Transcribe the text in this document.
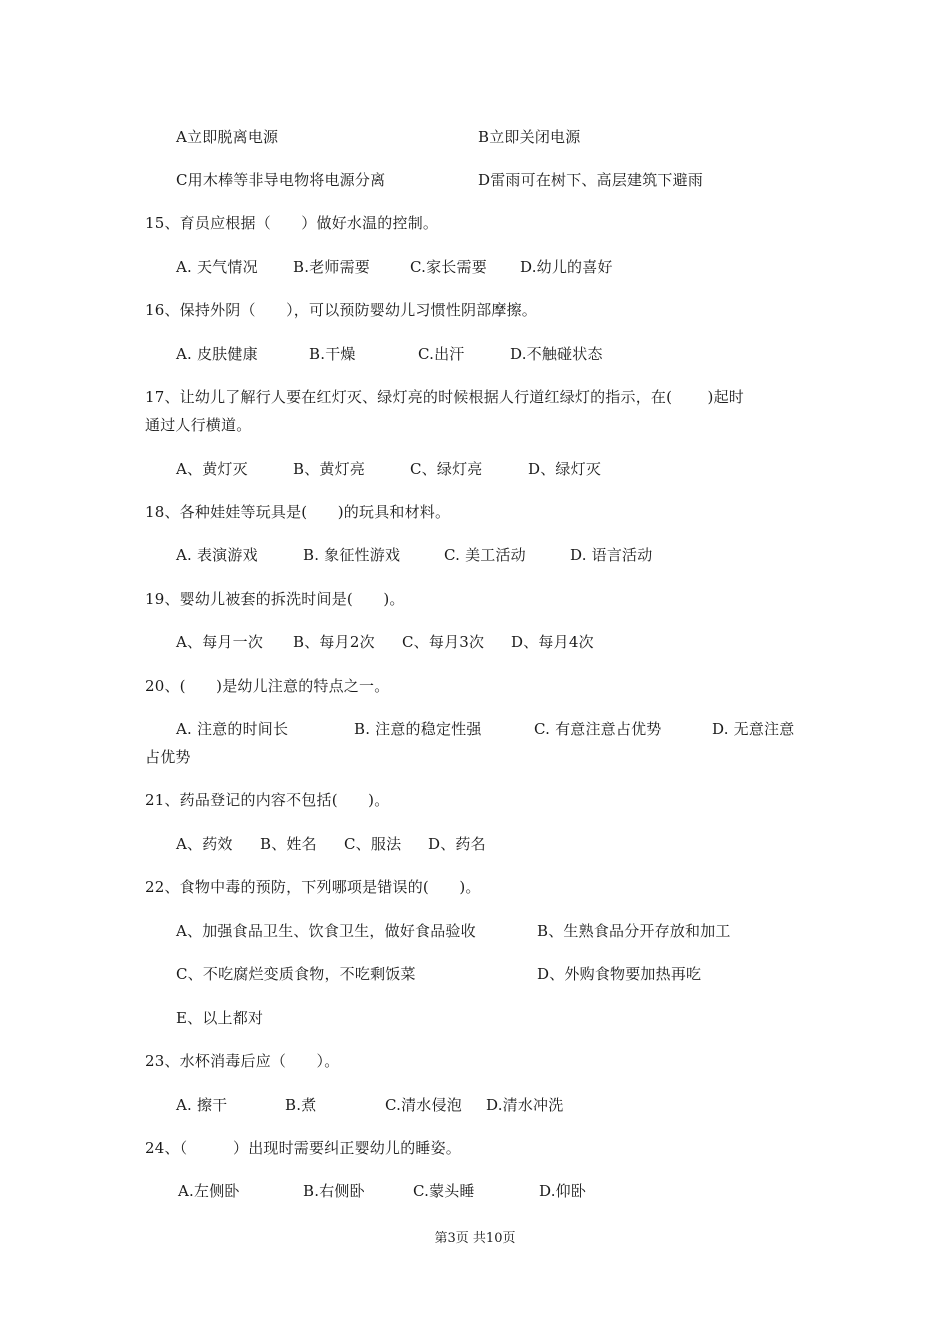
A立即脱离电源	B立即关闭电源
C用木棒等非导电物将电源分离	D雷雨可在树下、高层建筑下避雨
15、育员应根据（　　）做好水温的控制。
A. 天气情况 B.老师需要	C.家长需要 D.幼儿的喜好
16、保持外阴（　　），可以预防婴幼儿习惯性阴部摩擦。
A. 皮肤健康	B.干燥	C.出汗	D.不触碰状态
17、让幼儿了解行人要在红灯灭、绿灯亮的时候根据人行道红绿灯的指示，在(　　 )起时
通过人行横道。
A、黄灯灭	B、黄灯亮	C、绿灯亮	D、绿灯灭
18、各种娃娃等玩具是(　　)的玩具和材料。
A. 表演游戏	B. 象征性游戏	C. 美工活动	D. 语言活动
19、婴幼儿被套的拆洗时间是(　　)。
A、每月一次 B、每月2次 C、每月3次 D、每月4次
20、(　　)是幼儿注意的特点之一。
A. 注意的时间长	B. 注意的稳定性强	C. 有意注意占优势	D. 无意注意
占优势
21、药品登记的内容不包括(　　)。
A、药效 B、姓名 C、服法 D、药名
22、食物中毒的预防，下列哪项是错误的(　　)。
A、加强食品卫生、饮食卫生，做好食品验收	B、生熟食品分开存放和加工
C、不吃腐烂变质食物，不吃剩饭菜	D、外购食物要加热再吃
E、以上都对
23、水杯消毒后应（　　）。
A. 擦干	B.煮	C.清水侵泡 D.清水冲洗
24、（　　　）出现时需要纠正婴幼儿的睡姿。
A.左侧卧	B.右侧卧	C.蒙头睡	D.仰卧
第3页 共10页
